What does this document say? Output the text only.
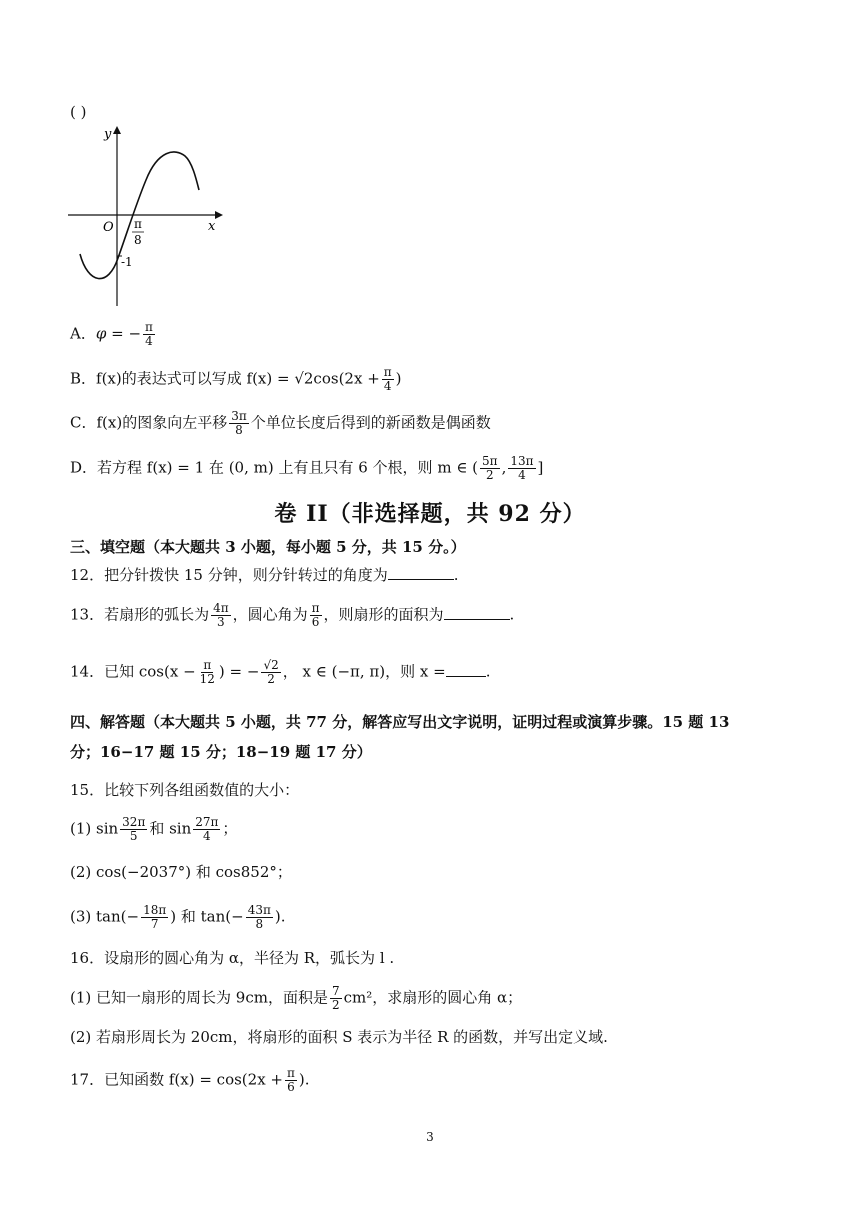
( )
y
x
O π
8
-1
A．φ = − $\frac{\pi}{4}$
B．f(x)的表达式可以写成 $f(x) = √2\cos(2x + \frac{\pi}{4}$ )
C．f(x)的图象向左平移 $\frac{3\pi}{8}$ 个单位长度后得到的新函数是偶函数
D．若方程 f(x) = 1 在 (0, m) 上有且只有 6 个根，则 m ∈ ( $\frac{5\pi}{2}$ , $\frac{13\pi}{4}$ ]
卷 II（非选择题，共 92 分）
三、填空题（本大题共 3 小题，每小题 5 分，共 15 分。）
12．把分针拨快 15 分钟，则分针转过的角度为	.
13．若扇形的弧长为 $\frac{4\pi}{3}$ ，圆心角为 $\frac{\pi}{6}$ ，则扇形的面积为	.
14．已知 $\cos(x - \frac{\pi}{12}$ ) = − $\frac{√2}{2}$ ， x ∈ (−π, π)，则 x =	.
四、解答题（本大题共 5 小题，共 77 分，解答应写出文字说明，证明过程或演算步骤。15 题 13
分；16−17 题 15 分；18−19 题 17 分）
15．比较下列各组函数值的大小：
(1) $\sin \frac{32\pi}{5}$ 和 $\sin \frac{27\pi}{4}$ ；
(2) cos(−2037°) 和 cos852°；
(3) $\tan(- \frac{18\pi}{7}$ ) 和 $\tan(- \frac{43\pi}{8}$ ).
16．设扇形的圆心角为 α，半径为 R，弧长为 l .
(1) 已知一扇形的周长为 9cm，面积是 $\frac{7}{2} cm^2$，求扇形的圆心角 α；
(2) 若扇形周长为 20cm，将扇形的面积 S 表示为半径 R 的函数，并写出定义域.
17．已知函数 $f(x) = \cos(2x + \frac{\pi}{6}$ ).
3
